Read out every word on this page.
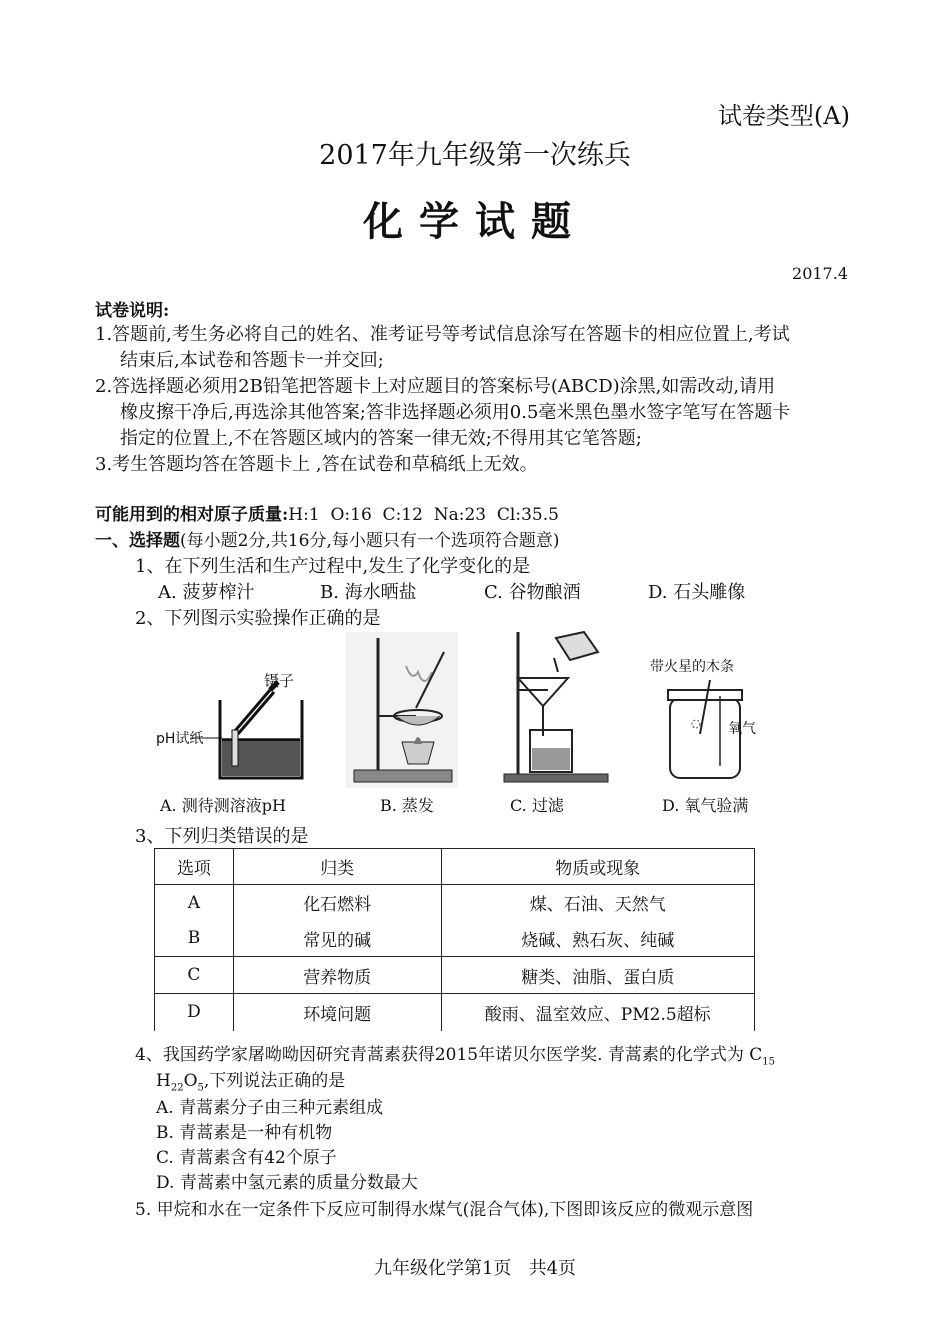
试卷类型(A)
2017年九年级第一次练兵
化学试题
2017.4
试卷说明:
1.答题前,考生务必将自己的姓名、准考证号等考试信息涂写在答题卡的相应位置上,考试
结束后,本试卷和答题卡一并交回;
2.答选择题必须用2B铅笔把答题卡上对应题目的答案标号(ABCD)涂黑,如需改动,请用
橡皮擦干净后,再选涂其他答案;答非选择题必须用0.5毫米黑色墨水签字笔写在答题卡
指定的位置上,不在答题区域内的答案一律无效;不得用其它笔答题;
3.考生答题均答在答题卡上 ,答在试卷和草稿纸上无效。
可能用到的相对原子质量:H:1  O:16  C:12  Na:23  Cl:35.5
一、选择题(每小题2分,共16分,每小题只有一个选项符合题意)
1、在下列生活和生产过程中,发生了化学变化的是
A. 菠萝榨汁	B. 海水晒盐	C. 谷物酿酒	D. 石头雕像
2、下列图示实验操作正确的是
镊子
pH试纸
带火星的木条
氧气
A. 测待测溶液pH	B. 蒸发	C. 过滤	D. 氧气验满
3、下列归类错误的是
选项	归类	物质或现象
A	化石燃料	煤、石油、天然气
B	常见的碱	烧碱、熟石灰、纯碱
C	营养物质	糖类、油脂、蛋白质
D	环境问题	酸雨、温室效应、PM2.5超标
4、我国药学家屠呦呦因研究青蒿素获得2015年诺贝尔医学奖. 青蒿素的化学式为 $C_{15}$
$H_{22}O_5$,下列说法正确的是
A. 青蒿素分子由三种元素组成
B. 青蒿素是一种有机物
C. 青蒿素含有42个原子
D. 青蒿素中氢元素的质量分数最大
5. 甲烷和水在一定条件下反应可制得水煤气(混合气体),下图即该反应的微观示意图
九年级化学第1页   共4页
